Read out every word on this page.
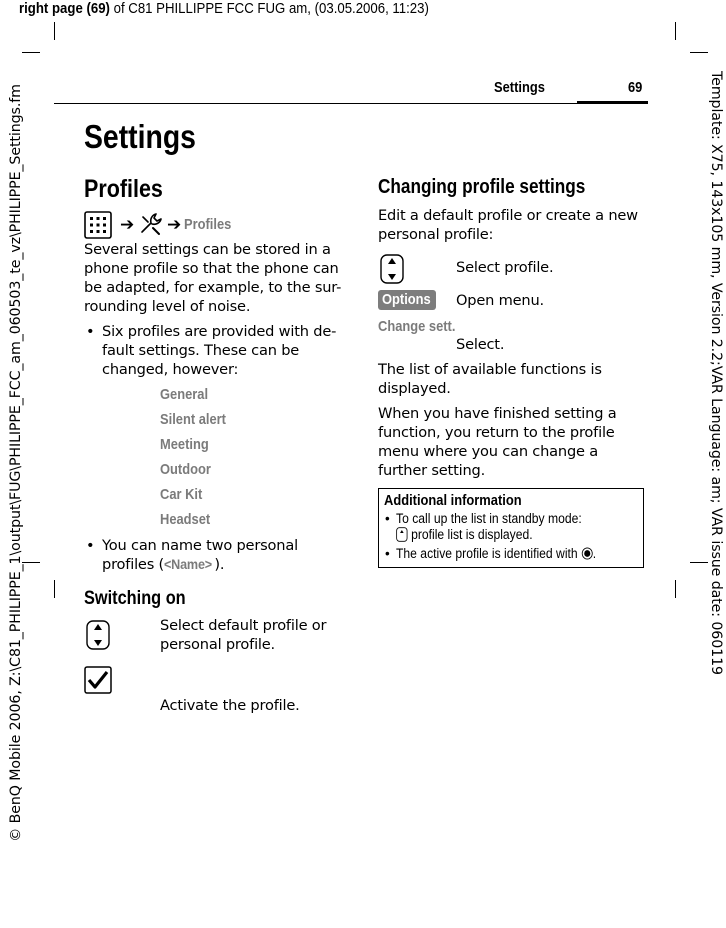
right page (69) of C81 PHILLIPPE FCC FUG am, (03.05.2006, 11:23)
© BenQ Mobile 2006, Z:\C81_PHILIPPE_1\output\FUG\PHILIPPE_FCC_am_060503_te_vz\PHILIPPE_Settings.fm	Template: X75, 143x105 mm, Version 2.2;VAR Language: am; VAR issue date: 060119
Settings	69
Settings
Profiles
➔ ➔ Profiles
Several settings can be stored in a
phone profile so that the phone can
be adapted, for example, to the sur-
rounding level of noise.
• Six profiles are provided with de-
fault settings. These can be
changed, however:
General
Silent alert
Meeting
Outdoor
Car Kit
Headset
• You can name two personal
profiles (<Name> ).
Switching on
Select default profile or
personal profile.
Activate the profile.
Changing profile settings
Edit a default profile or create a new
personal profile:
Select profile.
Options Open menu.
Change sett.
Select.
The list of available functions is
displayed.
When you have finished setting a
function, you return to the profile
menu where you can change a
further setting.
Additional information
• To call up the list in standby mode:
profile list is displayed.
• The active profile is identified with .
